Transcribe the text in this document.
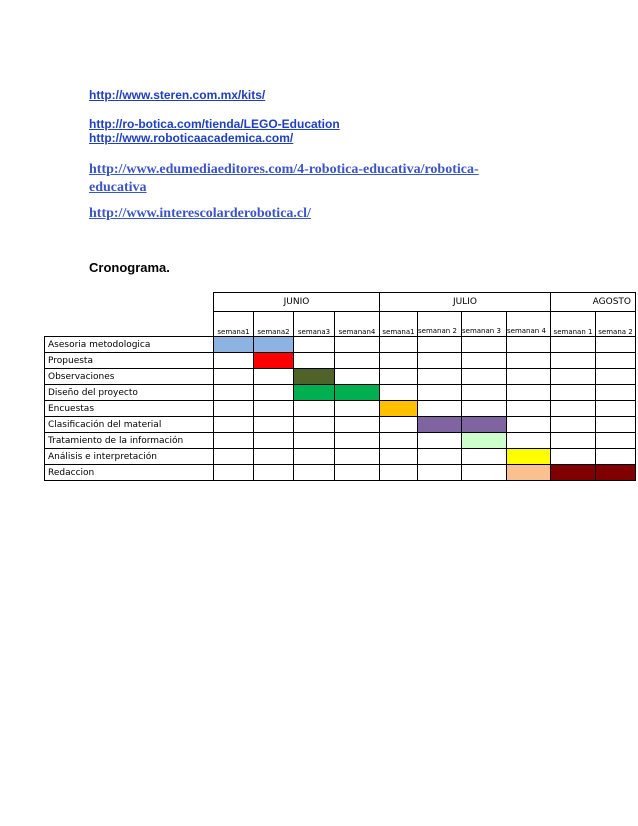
http://www.steren.com.mx/kits/
http://ro-botica.com/tienda/LEGO-Education
http://www.roboticaacademica.com/
http://www.edumediaeditores.com/4-robotica-educativa/robotica-educativa
http://www.interescolarderobotica.cl/
Cronograma.
	JUNIO				JULIO				AGOSTO	
	semana1	semana2	semana3	semanan4	semana1	semanan 2	semanan 3	semanan 4	semanan 1	semana 2
Asesoria metodologica										
Propuesta										
Observaciones										
Diseño del proyecto										
Encuestas										
Clasificación del material										
Tratamiento de la información										
Análisis e interpretación										
Redaccion										
